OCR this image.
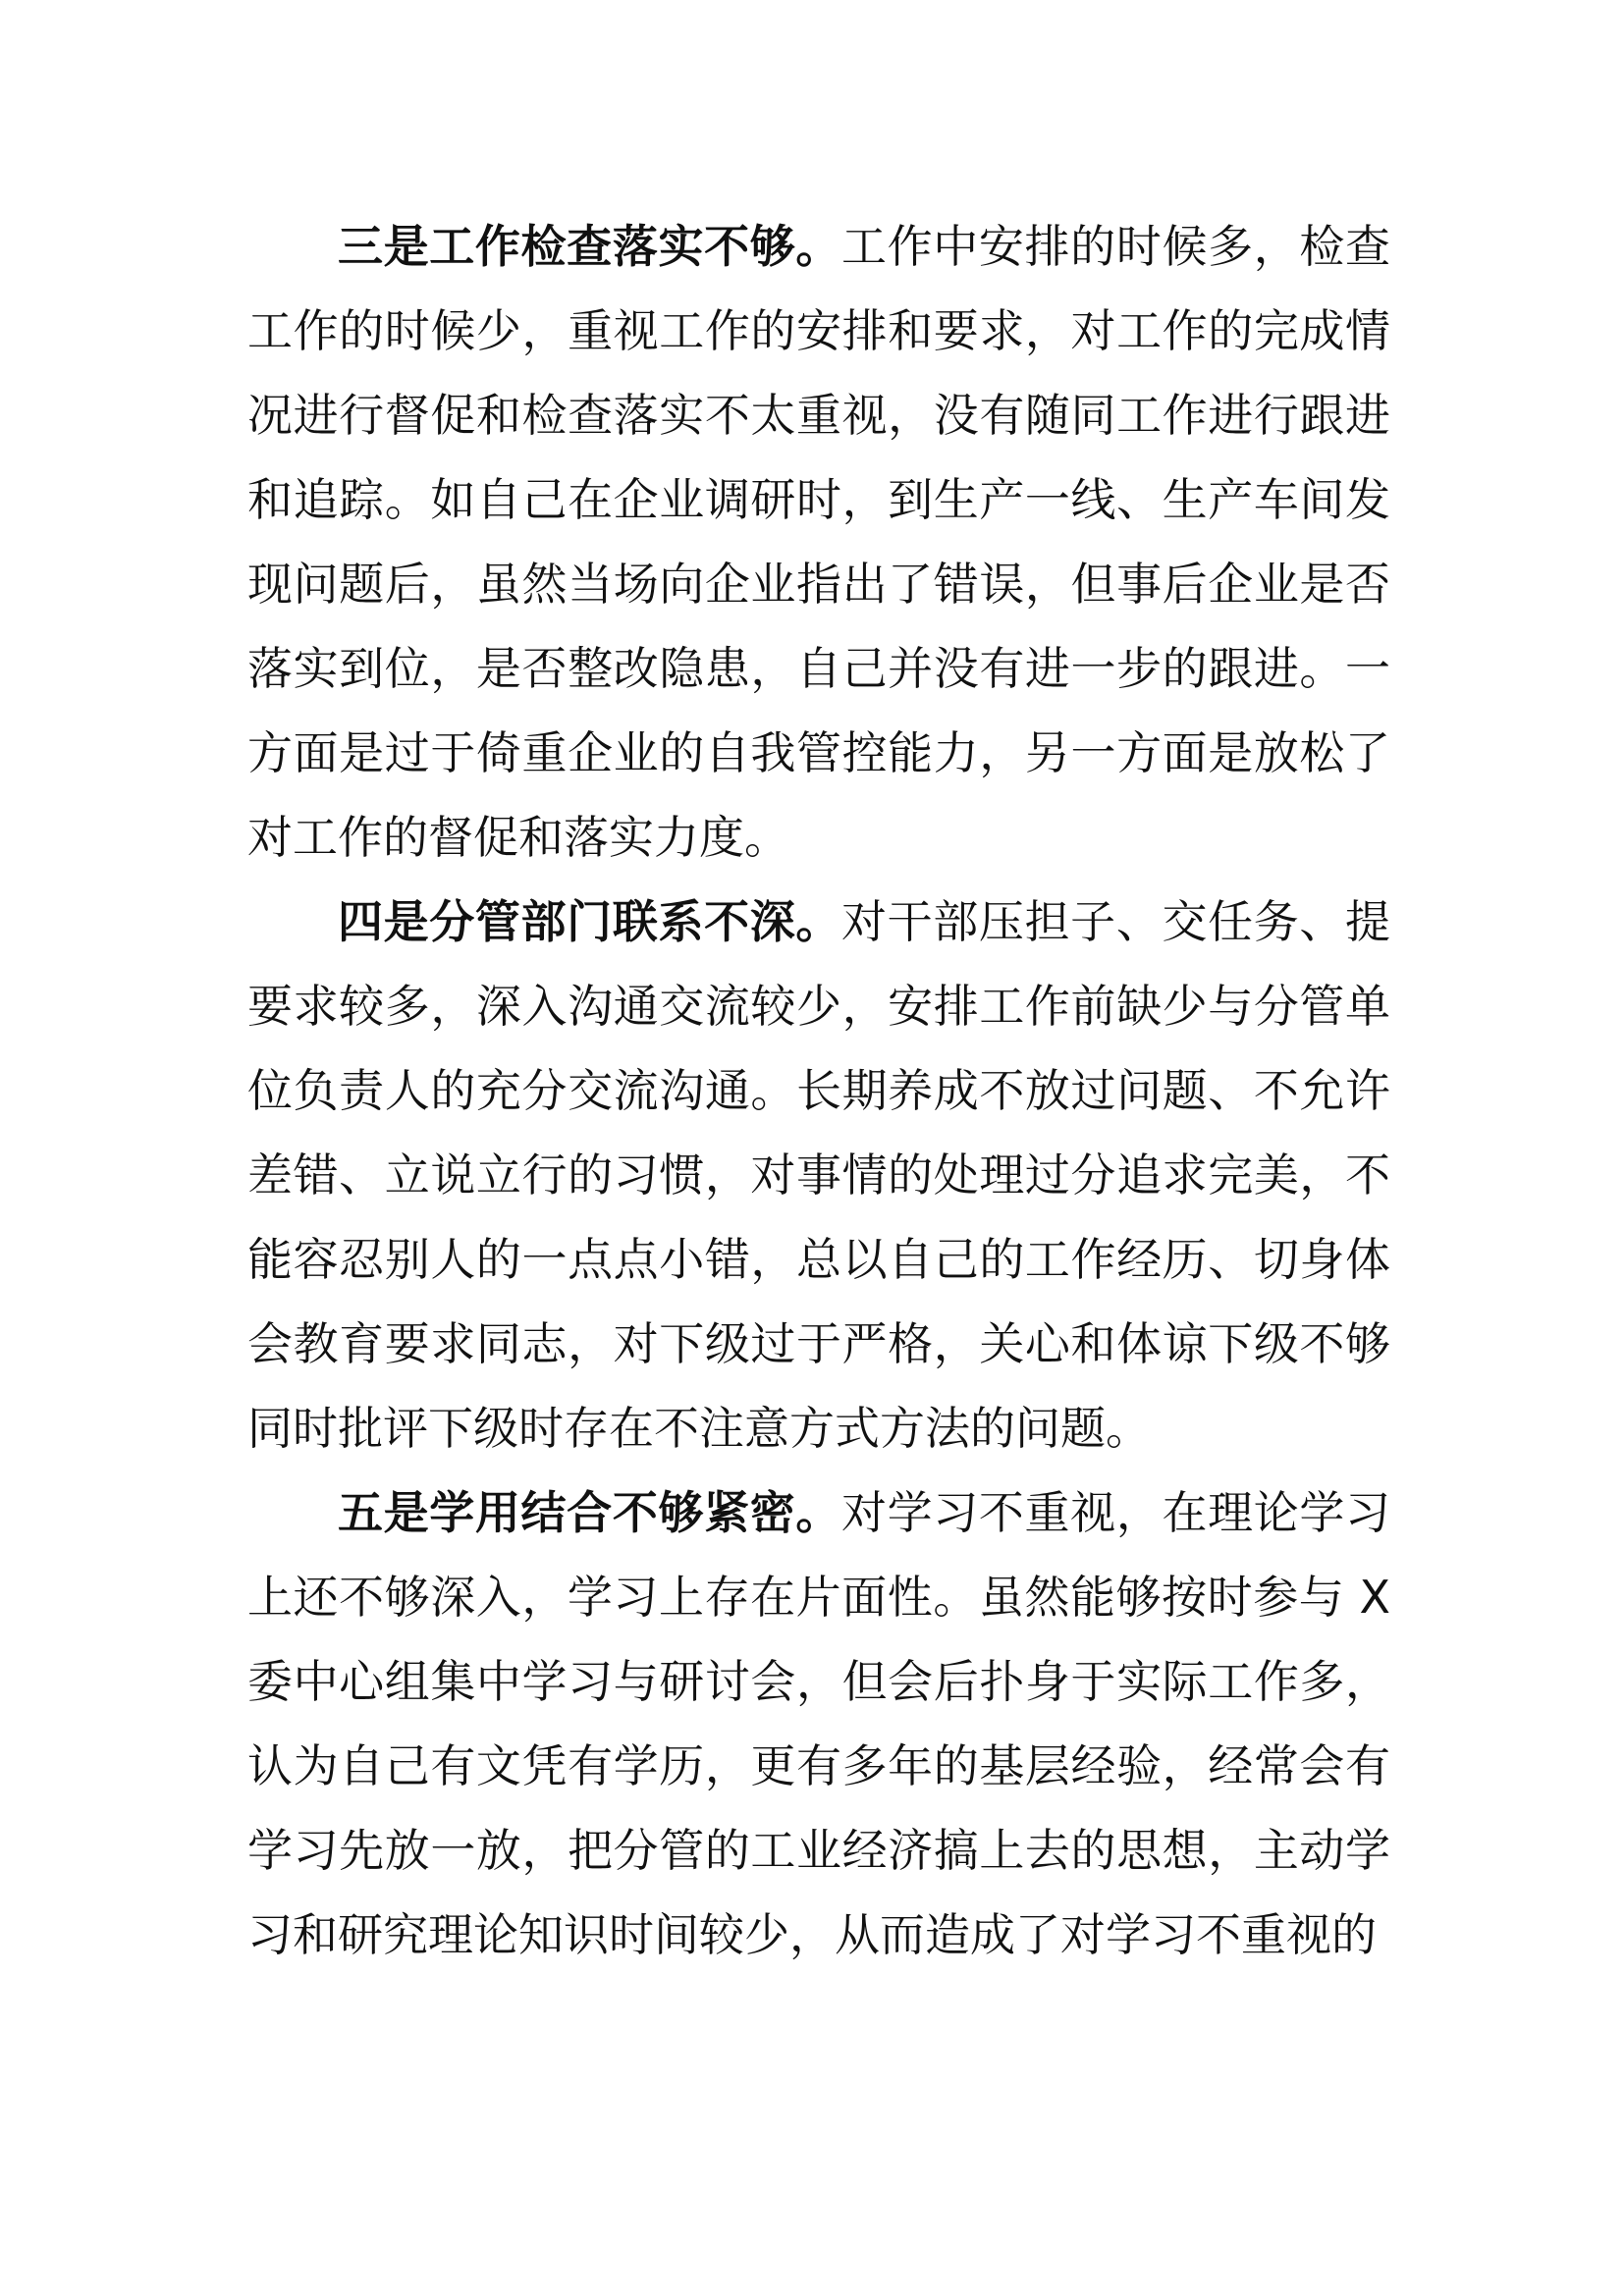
三是工作检查落实不够。工作中安排的时候多，检查工作的时候少，重视工作的安排和要求，对工作的完成情况进行督促和检查落实不太重视，没有随同工作进行跟进和追踪。如自己在企业调研时，到生产一线、生产车间发现问题后，虽然当场向企业指出了错误，但事后企业是否落实到位，是否整改隐患，自己并没有进一步的跟进。一方面是过于倚重企业的自我管控能力，另一方面是放松了对工作的督促和落实力度。

四是分管部门联系不深。对干部压担子、交任务、提要求较多，深入沟通交流较少，安排工作前缺少与分管单位负责人的充分交流沟通。长期养成不放过问题、不允许差错、立说立行的习惯，对事情的处理过分追求完美，不能容忍别人的一点点小错，总以自己的工作经历、切身体会教育要求同志，对下级过于严格，关心和体谅下级不够同时批评下级时存在不注意方式方法的问题。

五是学用结合不够紧密。对学习不重视，在理论学习上还不够深入，学习上存在片面性。虽然能够按时参与 X 委中心组集中学习与研讨会，但会后扑身于实际工作多，认为自己有文凭有学历，更有多年的基层经验，经常会有学习先放一放，把分管的工业经济搞上去的思想，主动学习和研究理论知识时间较少，从而造成了对学习不重视的
